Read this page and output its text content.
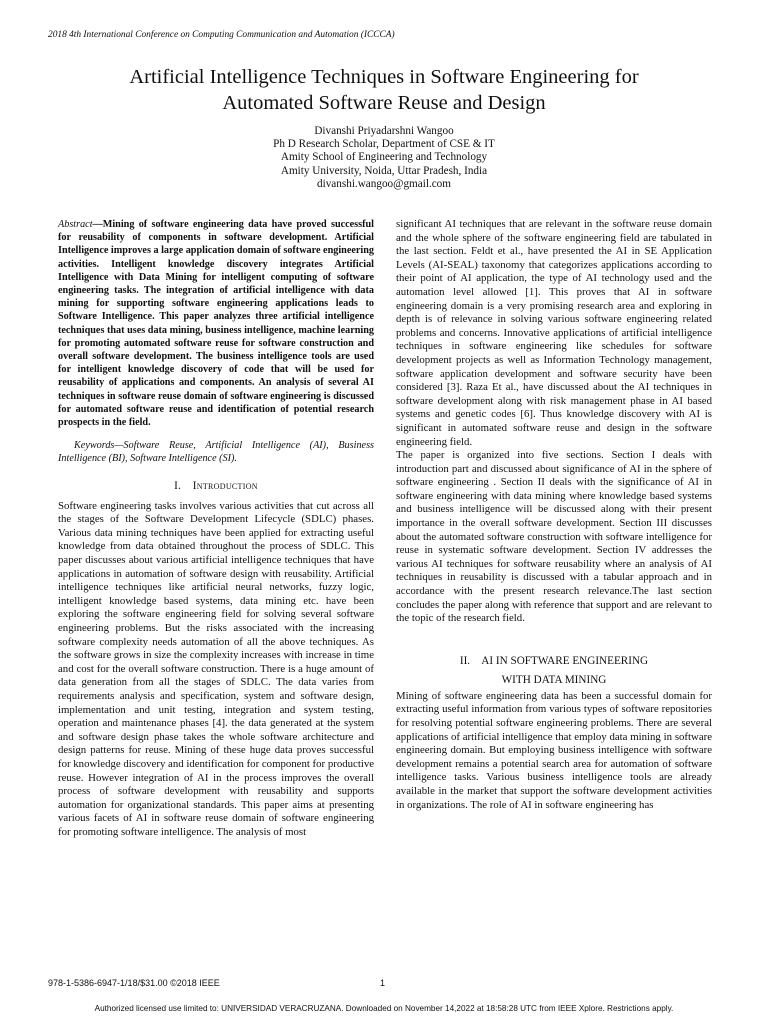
2018 4th International Conference on Computing Communication and Automation (ICCCA)
Artificial Intelligence Techniques in Software Engineering for
Automated Software Reuse and Design
Divanshi Priyadarshni Wangoo
Ph D Research Scholar, Department of CSE & IT
Amity School of Engineering and Technology
Amity University, Noida, Uttar Pradesh, India
divanshi.wangoo@gmail.com

Abstract—Mining of software engineering data have proved successful for reusability of components in software development. Artificial Intelligence improves a large application domain of software engineering activities. Intelligent knowledge discovery integrates Artificial Intelligence with Data Mining for intelligent computing of software engineering tasks. The integration of artificial intelligence with data mining for supporting software engineering applications leads to Software Intelligence. This paper analyzes three artificial intelligence techniques that uses data mining, business intelligence, machine learning for promoting automated software reuse for software construction and overall software development. The business intelligence tools are used for intelligent knowledge discovery of code that will be used for reusability of applications and components. An analysis of several AI techniques in software reuse domain of software engineering is discussed for automated software reuse and identification of potential research prospects in the field.

Keywords—Software Reuse, Artificial Intelligence (AI), Business Intelligence (BI), Software Intelligence (SI).

I. Introduction

Software engineering tasks involves various activities that cut across all the stages of the Software Development Lifecycle (SDLC) phases. Various data mining techniques have been applied for extracting useful knowledge from data obtained throughout the process of SDLC. This paper discusses about various artificial intelligence techniques that have applications in automation of software design with reusability. Artificial intelligence techniques like artificial neural networks, fuzzy logic, intelligent knowledge based systems, data mining etc. have been exploring the software engineering field for solving several software engineering problems. But the risks associated with the increasing software complexity needs automation of all the above techniques. As the software grows in size the complexity increases with increase in time and cost for the overall software construction. There is a huge amount of data generation from all the stages of SDLC. The data varies from requirements analysis and specification, system and software design, implementation and unit testing, integration and system testing, operation and maintenance phases [4]. the data generated at the system and software design phase takes the whole software architecture and design patterns for reuse. Mining of these huge data proves successful for knowledge discovery and identification for component for productive reuse. However integration of AI in the process improves the overall process of software development with reusability and supports automation for organizational standards. This paper aims at presenting various facets of AI in software reuse domain of software engineering for promoting software intelligence. The analysis of most

significant AI techniques that are relevant in the software reuse domain and the whole sphere of the software engineering field are tabulated in the last section. Feldt et al., have presented the AI in SE Application Levels (AI-SEAL) taxonomy that categorizes applications according to their point of AI application, the type of AI technology used and the automation level allowed [1]. This proves that AI in software engineering domain is a very promising research area and exploring in depth is of relevance in solving various software engineering related problems and concerns. Innovative applications of artificial intelligence techniques in software engineering like schedules for software development projects as well as Information Technology management, software application development and software security have been considered [3]. Raza Et al., have discussed about the AI techniques in software development along with risk management phase in AI based systems and genetic codes [6]. Thus knowledge discovery with AI is significant in automated software reuse and design in the software engineering field.

The paper is organized into five sections. Section I deals with introduction part and discussed about significance of AI in the sphere of software engineering . Section II deals with the significance of AI in software engineering with data mining where knowledge based systems and business intelligence will be discussed along with their present importance in the overall software development. Section III discusses about the automated software construction with software intelligence for reuse in systematic software development. Section IV addresses the various AI techniques for software reusability where an analysis of AI techniques in reusability is discussed with a tabular approach and in accordance with the present research relevance.The last section concludes the paper along with reference that support and are relevant to the topic of the research field.

II. AI IN SOFTWARE ENGINEERING
WITH DATA MINING

Mining of software engineering data has been a successful domain for extracting useful information from various types of software repositories for resolving potential software engineering problems. There are several applications of artificial intelligence that employ data mining in software engineering domain. But employing business intelligence with software development remains a potential search area for automation of software intelligence tasks. Various business intelligence tools are already available in the market that support the software development activities in organizations. The role of AI in software engineering has

978-1-5386-6947-1/18/$31.00 ©2018 IEEE	1
Authorized licensed use limited to: UNIVERSIDAD VERACRUZANA. Downloaded on November 14,2022 at 18:58:28 UTC from IEEE Xplore. Restrictions apply.
